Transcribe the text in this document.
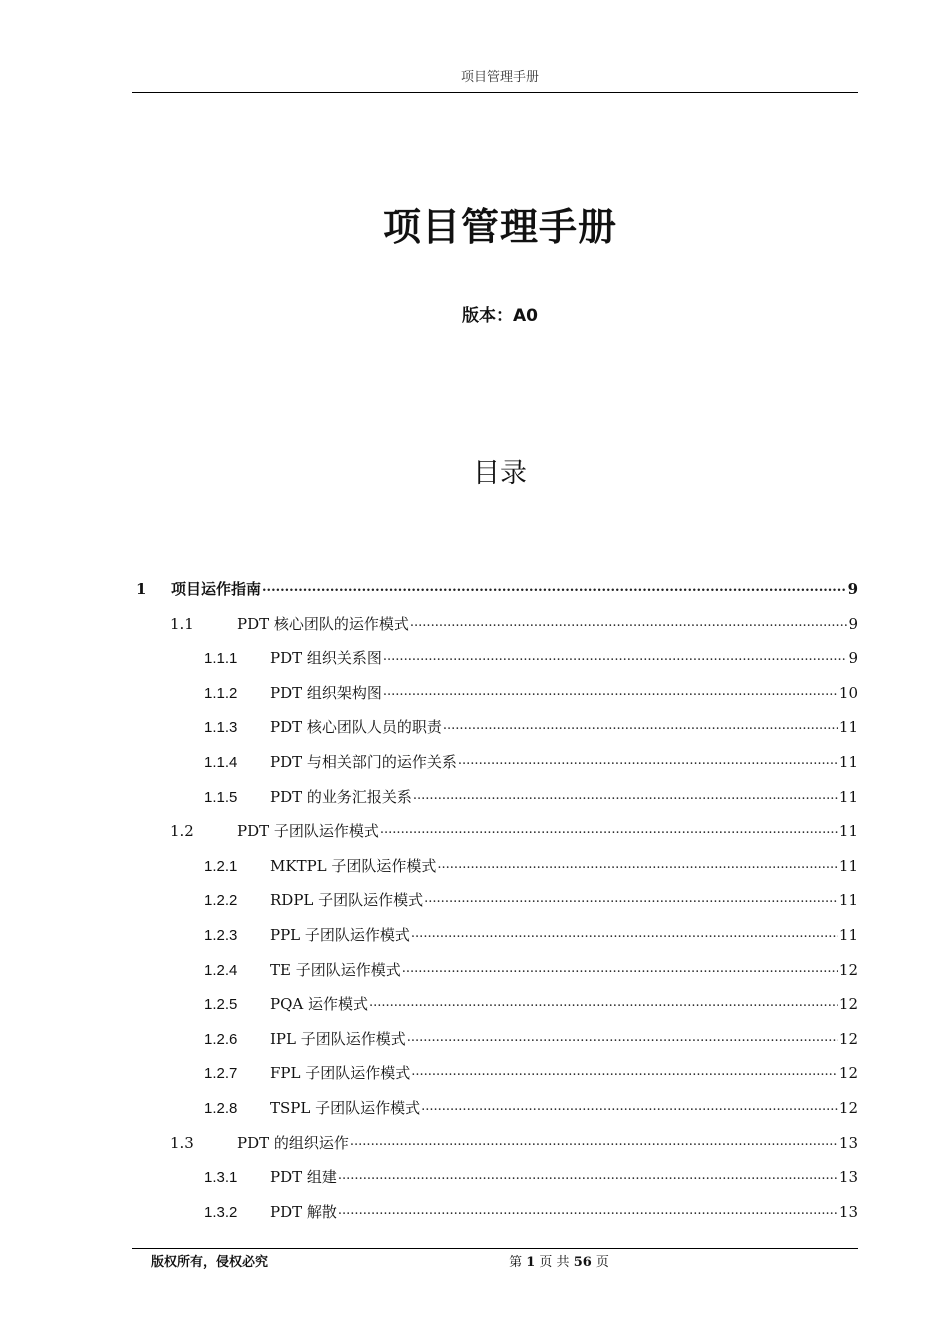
项目管理手册
项目管理手册
版本：A0
目录
1	项目运作指南 .....	9
1.1	PDT 核心团队的运作模式 .....	9
1.1.1	PDT 组织关系图 .....	9
1.1.2	PDT 组织架构图 .....	10
1.1.3	PDT 核心团队人员的职责 .....	11
1.1.4	PDT 与相关部门的运作关系 .....	11
1.1.5	PDT 的业务汇报关系 .....	11
1.2	PDT 子团队运作模式 .....	11
1.2.1	MKTPL 子团队运作模式 .....	11
1.2.2	RDPL 子团队运作模式 .....	11
1.2.3	PPL 子团队运作模式 .....	11
1.2.4	TE 子团队运作模式 .....	12
1.2.5	PQA 运作模式 .....	12
1.2.6	IPL 子团队运作模式 .....	12
1.2.7	FPL 子团队运作模式 .....	12
1.2.8	TSPL 子团队运作模式 .....	12
1.3	PDT 的组织运作 .....	13
1.3.1	PDT 组建 .....	13
1.3.2	PDT 解散 .....	13
版权所有，侵权必究	第 1 页 共 56 页
